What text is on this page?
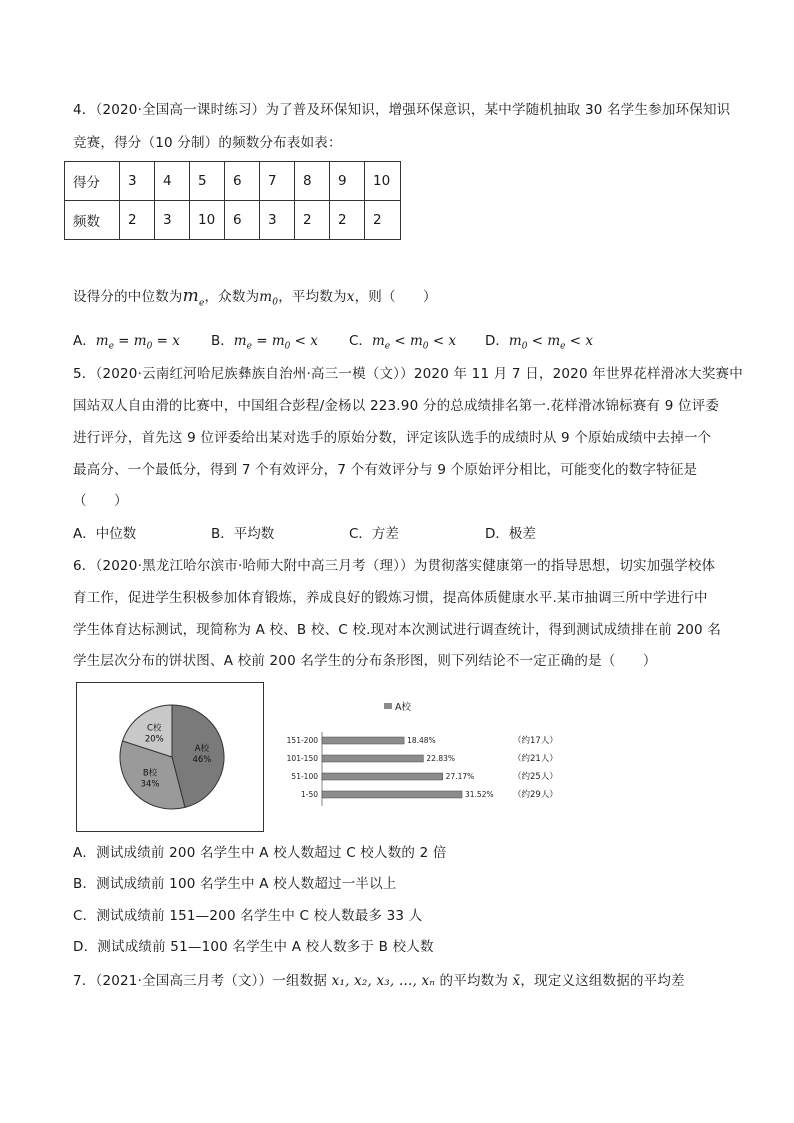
4．（2020·全国高一课时练习）为了普及环保知识，增强环保意识，某中学随机抽取 30 名学生参加环保知识
竞赛，得分（10 分制）的频数分布表如表：
得分	3	4	5	6	7	8	9	10
频数	2	3	10	6	3	2	2	2
设得分的中位数为$m_e$，众数为$m_0$，平均数为x，则（　　）
A．$m_e = m_0 = x$ B．$m_e = m_0 < x$ C．$m_e < m_0 < x$ D．$m_0 < m_e < x$
5．（2020·云南红河哈尼族彝族自治州·高三一模（文））2020 年 11 月 7 日，2020 年世界花样滑冰大奖赛中
国站双人自由滑的比赛中，中国组合彭程/金杨以 223.90 分的总成绩排名第一.花样滑冰锦标赛有 9 位评委
进行评分，首先这 9 位评委给出某对选手的原始分数，评定该队选手的成绩时从 9 个原始成绩中去掉一个
最高分、一个最低分，得到 7 个有效评分，7 个有效评分与 9 个原始评分相比，可能变化的数字特征是
（　　）
A．中位数	B．平均数	C．方差	D．极差
6．（2020·黑龙江哈尔滨市·哈师大附中高三月考（理））为贯彻落实健康第一的指导思想，切实加强学校体
育工作，促进学生积极参加体育锻炼，养成良好的锻炼习惯，提高体质健康水平.某市抽调三所中学进行中
学生体育达标测试，现简称为 A 校、B 校、C 校.现对本次测试进行调查统计，得到测试成绩排在前 200 名
学生层次分布的饼状图、A 校前 200 名学生的分布条形图，则下列结论不一定正确的是（　　）
A校
46%
B校
34%
C校
20%
A校
151-200	18.48%	（约17人）
101-150	22.83%	（约21人）
51-100	27.17%	（约25人）
1-50	31.52% （约29人）
A．测试成绩前 200 名学生中 A 校人数超过 C 校人数的 2 倍
B．测试成绩前 100 名学生中 A 校人数超过一半以上
C．测试成绩前 151—200 名学生中 C 校人数最多 33 人
D．测试成绩前 51—100 名学生中 A 校人数多于 B 校人数
7．（2021·全国高三月考（文））一组数据 x₁, x₂, x₃, …, xₙ 的平均数为 x̄，现定义这组数据的平均差
